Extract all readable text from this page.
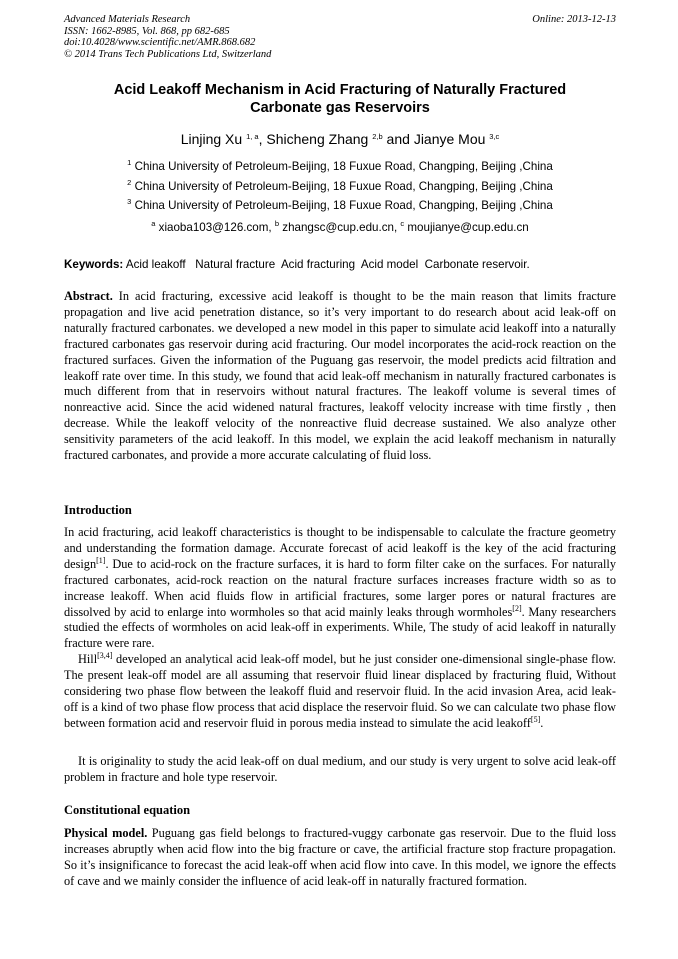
Advanced Materials Research
ISSN: 1662-8985, Vol. 868, pp 682-685
doi:10.4028/www.scientific.net/AMR.868.682
© 2014 Trans Tech Publications Ltd, Switzerland
Online: 2013-12-13
Acid Leakoff Mechanism in Acid Fracturing of Naturally Fractured
Carbonate gas Reservoirs
Linjing Xu $^{1, a}$, Shicheng Zhang $^{2,b}$ and Jianye Mou $^{3,c}$
$^1$ China University of Petroleum-Beijing, 18 Fuxue Road, Changping, Beijing ,China
$^2$ China University of Petroleum-Beijing, 18 Fuxue Road, Changping, Beijing ,China
$^3$ China University of Petroleum-Beijing, 18 Fuxue Road, Changping, Beijing ,China
$^a$ xiaoba103@126.com, $^b$ zhangsc@cup.edu.cn, $^c$ moujianye@cup.edu.cn
Keywords: Acid leakoff   Natural fracture  Acid fracturing  Acid model  Carbonate reservoir.
Abstract. In acid fracturing, excessive acid leakoff is thought to be the main reason that limits fracture propagation and live acid penetration distance, so it’s very important to do research about acid leak-off on naturally fractured carbonates. we developed a new model in this paper to simulate acid leakoff into a naturally fractured carbonates gas reservoir during acid fracturing. Our model incorporates the acid-rock reaction on the fractured surfaces. Given the information of the Puguang gas reservoir, the model predicts acid filtration and leakoff rate over time. In this study, we found that acid leak-off mechanism in naturally fractured carbonates is much different from that in reservoirs without natural fractures. The leakoff volume is several times of nonreactive acid. Since the acid widened natural fractures, leakoff velocity increase with time firstly , then decrease. While the leakoff velocity of the nonreactive fluid decrease sustained. We also analyze other sensitivity parameters of the acid leakoff. In this model, we explain the acid leakoff mechanism in naturally fractured carbonates, and provide a more accurate calculating of fluid loss.
Introduction
In acid fracturing, acid leakoff characteristics is thought to be indispensable to calculate the fracture geometry and understanding the formation damage. Accurate forecast of acid leakoff is the key of the acid fracturing design[1]. Due to acid-rock on the fracture surfaces, it is hard to form filter cake on the surfaces. For naturally fractured carbonates, acid-rock reaction on the natural fracture surfaces increases fracture width so as to increase leakoff. When acid fluids flow in artificial fractures, some larger pores or natural fractures are dissolved by acid to enlarge into wormholes so that acid mainly leaks through wormholes[2]. Many researchers studied the effects of wormholes on acid leak-off in experiments. While, The study of acid leakoff in naturally fracture were rare.
Hill[3,4] developed an analytical acid leak-off model, but he just consider one-dimensional single-phase flow. The present leak-off model are all assuming that reservoir fluid linear displaced by fracturing fluid, Without considering two phase flow between the leakoff fluid and reservoir fluid. In the acid invasion Area, acid leak-off is a kind of two phase flow process that acid displace the reservoir fluid. So we can calculate two phase flow between formation acid and reservoir fluid in porous media instead to simulate the acid leakoff[5].
It is originality to study the acid leak-off on dual medium, and our study is very urgent to solve acid leak-off problem in fracture and hole type reservoir.
Constitutional equation
Physical model. Puguang gas field belongs to fractured-vuggy carbonate gas reservoir. Due to the fluid loss increases abruptly when acid flow into the big fracture or cave, the artificial fracture stop fracture propagation. So it’s insignificance to forecast the acid leak-off when acid flow into cave. In this model, we ignore the effects of cave and we mainly consider the influence of acid leak-off in naturally fractured formation.
